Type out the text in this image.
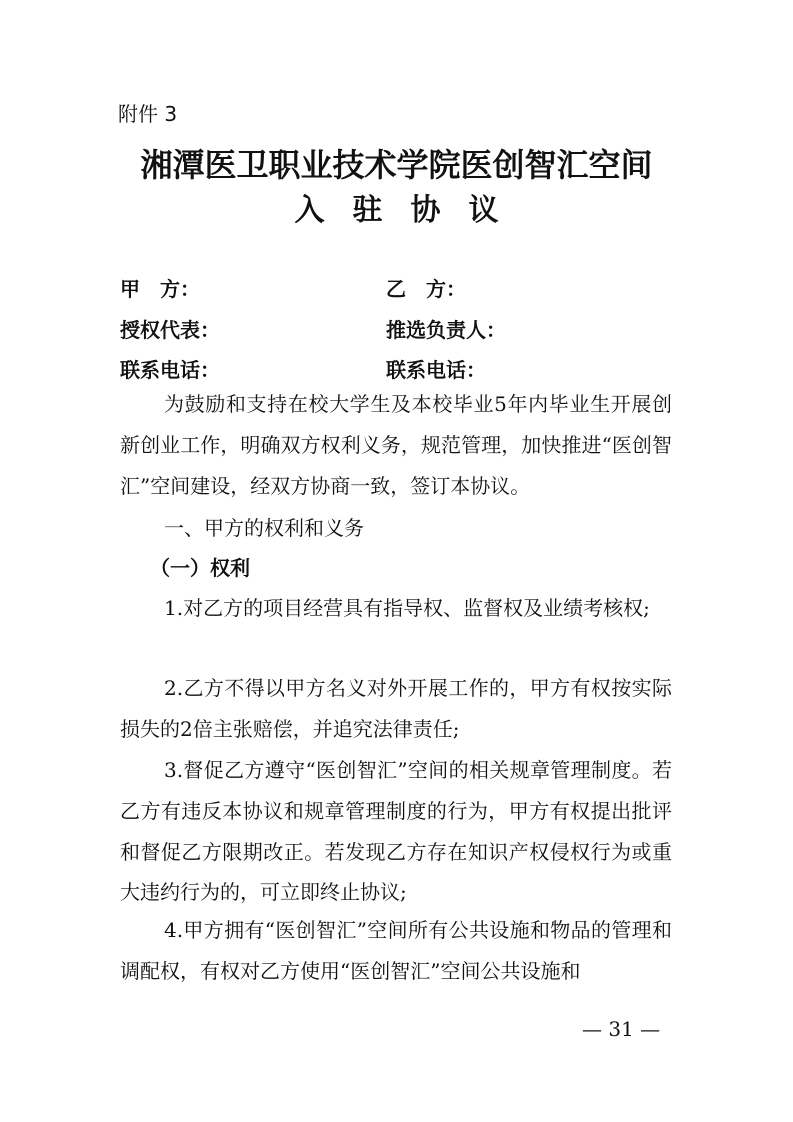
附件 3
湘潭医卫职业技术学院医创智汇空间
入驻协议
甲　方：	乙　方：
授权代表：	推选负责人：
联系电话：	联系电话：
为鼓励和支持在校大学生及本校毕业5年内毕业生开展创新创业工作，明确双方权利义务，规范管理，加快推进“医创智汇”空间建设，经双方协商一致，签订本协议。
一、甲方的权利和义务
（一）权利
1.对乙方的项目经营具有指导权、监督权及业绩考核权;
2.乙方不得以甲方名义对外开展工作的，甲方有权按实际损失的2倍主张赔偿，并追究法律责任;
3.督促乙方遵守“医创智汇”空间的相关规章管理制度。若乙方有违反本协议和规章管理制度的行为，甲方有权提出批评和督促乙方限期改正。若发现乙方存在知识产权侵权行为或重大违约行为的，可立即终止协议;
4.甲方拥有“医创智汇”空间所有公共设施和物品的管理和调配权，有权对乙方使用“医创智汇”空间公共设施和
— 31 —
